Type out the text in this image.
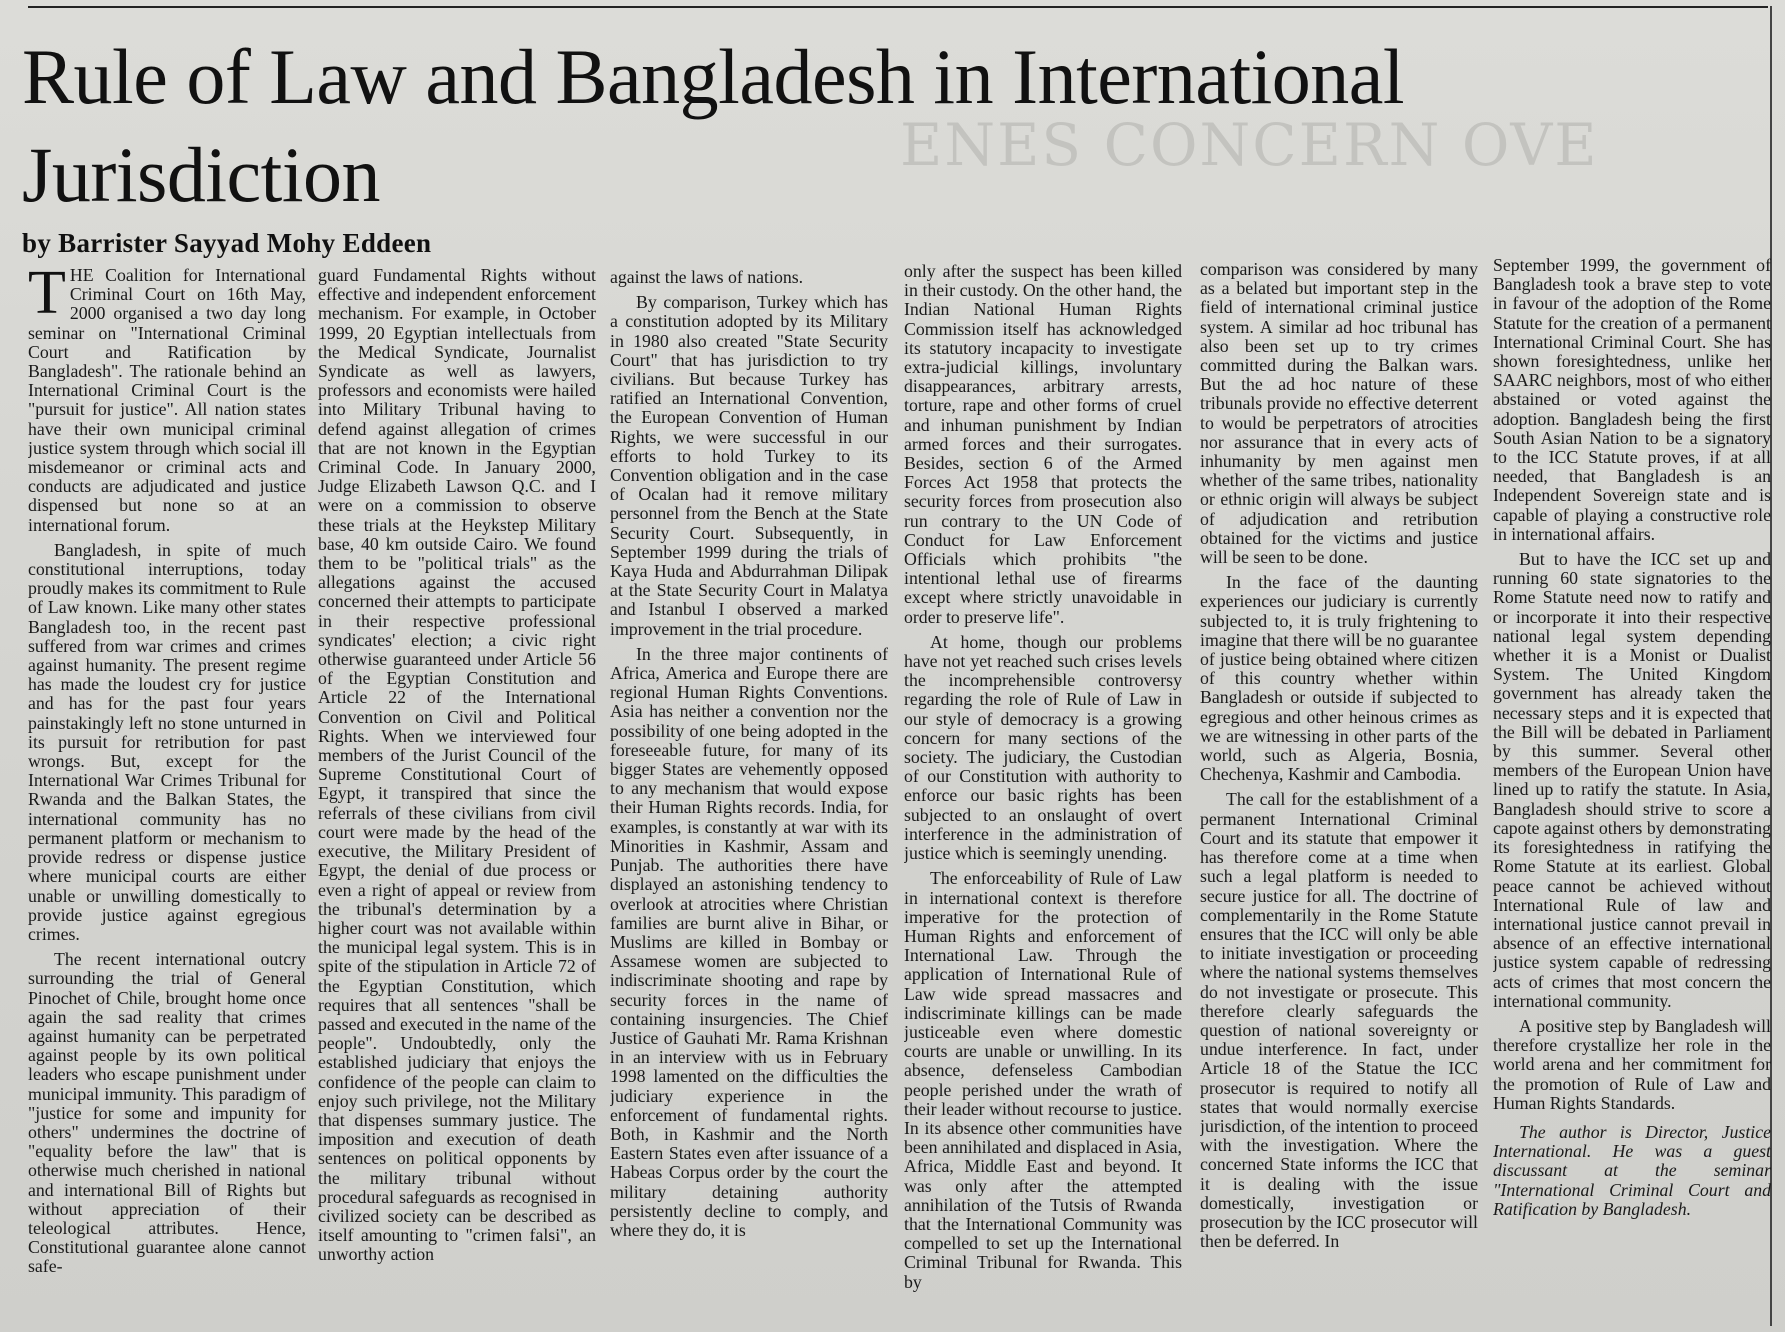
ENES CONCERN OVE
Rule of Law and Bangladesh in International Jurisdiction
by Barrister Sayyad Mohy Eddeen

THE Coalition for International Criminal Court on 16th May, 2000 organised a two day long seminar on "International Criminal Court and Ratification by Bangladesh". The rationale behind an International Criminal Court is the "pursuit for justice". All nation states have their own municipal criminal justice system through which social ill misdemeanor or criminal acts and conducts are adjudicated and justice dispensed but none so at an international forum.

Bangladesh, in spite of much constitutional interruptions, today proudly makes its commitment to Rule of Law known. Like many other states Bangladesh too, in the recent past suffered from war crimes and crimes against humanity. The present regime has made the loudest cry for justice and has for the past four years painstakingly left no stone unturned in its pursuit for retribution for past wrongs. But, except for the International War Crimes Tribunal for Rwanda and the Balkan States, the international community has no permanent platform or mechanism to provide redress or dispense justice where municipal courts are either unable or unwilling domestically to provide justice against egregious crimes.

The recent international outcry surrounding the trial of General Pinochet of Chile, brought home once again the sad reality that crimes against humanity can be perpetrated against people by its own political leaders who escape punishment under municipal immunity. This paradigm of "justice for some and impunity for others" undermines the doctrine of "equality before the law" that is otherwise much cherished in national and international Bill of Rights but without appreciation of their teleological attributes. Hence, Constitutional guarantee alone cannot safe-

guard Fundamental Rights without effective and independent enforcement mechanism. For example, in October 1999, 20 Egyptian intellectuals from the Medical Syndicate, Journalist Syndicate as well as lawyers, professors and economists were hailed into Military Tribunal having to defend against allegation of crimes that are not known in the Egyptian Criminal Code. In January 2000, Judge Elizabeth Lawson Q.C. and I were on a commission to observe these trials at the Heykstep Military base, 40 km outside Cairo. We found them to be "political trials" as the allegations against the accused concerned their attempts to participate in their respective professional syndicates' election; a civic right otherwise guaranteed under Article 56 of the Egyptian Constitution and Article 22 of the International Convention on Civil and Political Rights. When we interviewed four members of the Jurist Council of the Supreme Constitutional Court of Egypt, it transpired that since the referrals of these civilians from civil court were made by the head of the executive, the Military President of Egypt, the denial of due process or even a right of appeal or review from the tribunal's determination by a higher court was not available within the municipal legal system. This is in spite of the stipulation in Article 72 of the Egyptian Constitution, which requires that all sentences "shall be passed and executed in the name of the people". Undoubtedly, only the established judiciary that enjoys the confidence of the people can claim to enjoy such privilege, not the Military that dispenses summary justice. The imposition and execution of death sentences on political opponents by the military tribunal without procedural safeguards as recognised in civilized society can be described as itself amounting to "crimen falsi", an unworthy action

against the laws of nations.

By comparison, Turkey which has a constitution adopted by its Military in 1980 also created "State Security Court" that has jurisdiction to try civilians. But because Turkey has ratified an International Convention, the European Convention of Human Rights, we were successful in our efforts to hold Turkey to its Convention obligation and in the case of Ocalan had it remove military personnel from the Bench at the State Security Court. Subsequently, in September 1999 during the trials of Kaya Huda and Abdurrahman Dilipak at the State Security Court in Malatya and Istanbul I observed a marked improvement in the trial procedure.

In the three major continents of Africa, America and Europe there are regional Human Rights Conventions. Asia has neither a convention nor the possibility of one being adopted in the foreseeable future, for many of its bigger States are vehemently opposed to any mechanism that would expose their Human Rights records. India, for examples, is constantly at war with its Minorities in Kashmir, Assam and Punjab. The authorities there have displayed an astonishing tendency to overlook at atrocities where Christian families are burnt alive in Bihar, or Muslims are killed in Bombay or Assamese women are subjected to indiscriminate shooting and rape by security forces in the name of containing insurgencies. The Chief Justice of Gauhati Mr. Rama Krishnan in an interview with us in February 1998 lamented on the difficulties the judiciary experience in the enforcement of fundamental rights. Both, in Kashmir and the North Eastern States even after issuance of a Habeas Corpus order by the court the military detaining authority persistently decline to comply, and where they do, it is

only after the suspect has been killed in their custody. On the other hand, the Indian National Human Rights Commission itself has acknowledged its statutory incapacity to investigate extra-judicial killings, involuntary disappearances, arbitrary arrests, torture, rape and other forms of cruel and inhuman punishment by Indian armed forces and their surrogates. Besides, section 6 of the Armed Forces Act 1958 that protects the security forces from prosecution also run contrary to the UN Code of Conduct for Law Enforcement Officials which prohibits "the intentional lethal use of firearms except where strictly unavoidable in order to preserve life".

At home, though our problems have not yet reached such crises levels the incomprehensible controversy regarding the role of Rule of Law in our style of democracy is a growing concern for many sections of the society. The judiciary, the Custodian of our Constitution with authority to enforce our basic rights has been subjected to an onslaught of overt interference in the administration of justice which is seemingly unending.

The enforceability of Rule of Law in international context is therefore imperative for the protection of Human Rights and enforcement of International Law. Through the application of International Rule of Law wide spread massacres and indiscriminate killings can be made justiceable even where domestic courts are unable or unwilling. In its absence, defenseless Cambodian people perished under the wrath of their leader without recourse to justice. In its absence other communities have been annihilated and displaced in Asia, Africa, Middle East and beyond. It was only after the attempted annihilation of the Tutsis of Rwanda that the International Community was compelled to set up the International Criminal Tribunal for Rwanda. This by

comparison was considered by many as a belated but important step in the field of international criminal justice system. A similar ad hoc tribunal has also been set up to try crimes committed during the Balkan wars. But the ad hoc nature of these tribunals provide no effective deterrent to would be perpetrators of atrocities nor assurance that in every acts of inhumanity by men against men whether of the same tribes, nationality or ethnic origin will always be subject of adjudication and retribution obtained for the victims and justice will be seen to be done.

In the face of the daunting experiences our judiciary is currently subjected to, it is truly frightening to imagine that there will be no guarantee of justice being obtained where citizen of this country whether within Bangladesh or outside if subjected to egregious and other heinous crimes as we are witnessing in other parts of the world, such as Algeria, Bosnia, Chechenya, Kashmir and Cambodia.

The call for the establishment of a permanent International Criminal Court and its statute that empower it has therefore come at a time when such a legal platform is needed to secure justice for all. The doctrine of complementarily in the Rome Statute ensures that the ICC will only be able to initiate investigation or proceeding where the national systems themselves do not investigate or prosecute. This therefore clearly safeguards the question of national sovereignty or undue interference. In fact, under Article 18 of the Statue the ICC prosecutor is required to notify all states that would normally exercise jurisdiction, of the intention to proceed with the investigation. Where the concerned State informs the ICC that it is dealing with the issue domestically, investigation or prosecution by the ICC prosecutor will then be deferred. In

September 1999, the government of Bangladesh took a brave step to vote in favour of the adoption of the Rome Statute for the creation of a permanent International Criminal Court. She has shown foresightedness, unlike her SAARC neighbors, most of who either abstained or voted against the adoption. Bangladesh being the first South Asian Nation to be a signatory to the ICC Statute proves, if at all needed, that Bangladesh is an Independent Sovereign state and is capable of playing a constructive role in international affairs.

But to have the ICC set up and running 60 state signatories to the Rome Statute need now to ratify and or incorporate it into their respective national legal system depending whether it is a Monist or Dualist System. The United Kingdom government has already taken the necessary steps and it is expected that the Bill will be debated in Parliament by this summer. Several other members of the European Union have lined up to ratify the statute. In Asia, Bangladesh should strive to score a capote against others by demonstrating its foresightedness in ratifying the Rome Statute at its earliest. Global peace cannot be achieved without International Rule of law and international justice cannot prevail in absence of an effective international justice system capable of redressing acts of crimes that most concern the international community.

A positive step by Bangladesh will therefore crystallize her role in the world arena and her commitment for the promotion of Rule of Law and Human Rights Standards.

The author is Director, Justice International. He was a guest discussant at the seminar "International Criminal Court and Ratification by Bangladesh.
